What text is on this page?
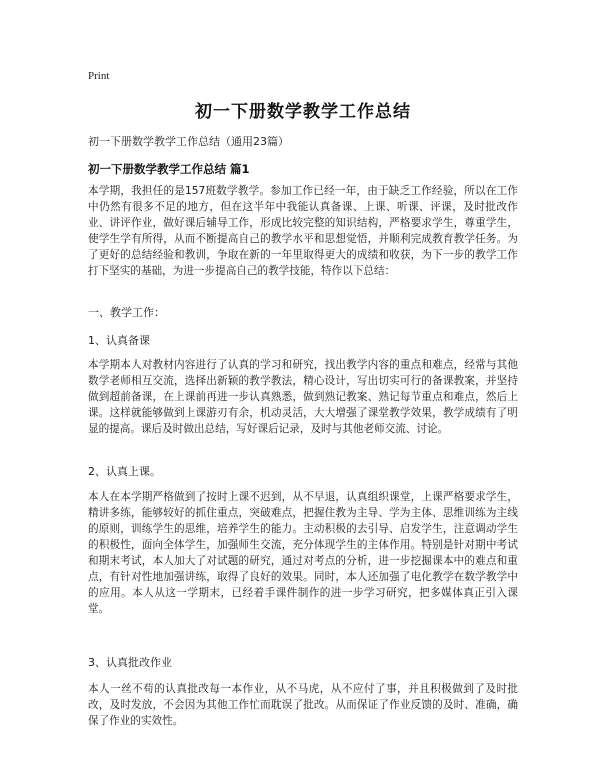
Print
初一下册数学教学工作总结
初一下册数学教学工作总结（通用23篇）
初一下册数学教学工作总结 篇1

本学期，我担任的是157班数学教学。参加工作已经一年，由于缺乏工作经验，所以在工作中仍然有很多不足的地方，但在这半年中我能认真备课、上课、听课、评课，及时批改作业、讲评作业，做好课后辅导工作，形成比较完整的知识结构，严格要求学生，尊重学生，使学生学有所得，从而不断提高自己的教学水平和思想觉悟，并顺利完成教育教学任务。为了更好的总结经验和教训，争取在新的一年里取得更大的成绩和收获，为下一步的教学工作打下坚实的基础，为进一步提高自己的教学技能，特作以下总结：

一、教学工作：

1、认真备课

本学期本人对教材内容进行了认真的学习和研究，找出教学内容的重点和难点，经常与其他数学老师相互交流，选择出新颖的教学教法，精心设计，写出切实可行的备课教案，并坚持做到超前备课，在上课前再进一步认真熟悉，做到熟记教案、熟记每节重点和难点，然后上课。这样就能够做到上课游刃有余，机动灵活，大大增强了课堂教学效果，教学成绩有了明显的提高。课后及时做出总结，写好课后记录，及时与其他老师交流、讨论。

2、认真上课。

本人在本学期严格做到了按时上课不迟到，从不早退，认真组织课堂，上课严格要求学生，精讲多练，能够较好的抓住重点，突破难点，把握住教为主导、学为主体、思维训练为主线的原则，训练学生的思维，培养学生的能力。主动积极的去引导、启发学生，注意调动学生的积极性，面向全体学生，加强师生交流，充分体现学生的主体作用。特别是针对期中考试和期末考试，本人加大了对试题的研究，通过对考点的分析，进一步挖掘课本中的难点和重点，有针对性地加强讲练，取得了良好的效果。同时，本人还加强了电化教学在数学教学中的应用。本人从这一学期末，已经着手课件制作的进一步学习研究，把多媒体真正引入课堂。

3、认真批改作业

本人一丝不苟的认真批改每一本作业，从不马虎，从不应付了事，并且积极做到了及时批改，及时发放，不会因为其他工作忙而耽误了批改。从而保证了作业反馈的及时、准确，确保了作业的实效性。
